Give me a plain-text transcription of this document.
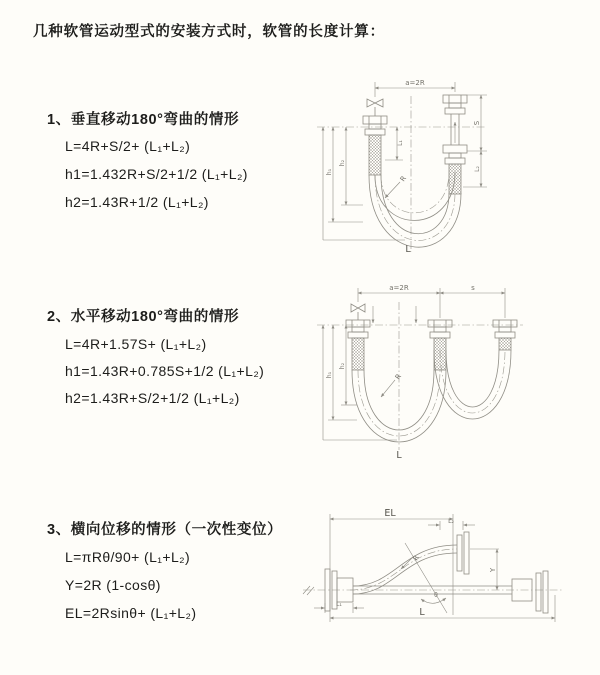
几种软管运动型式的安装方式时，软管的长度计算：
1、垂直移动180°弯曲的情形
L=4R+S/2+ (L₁+L₂)
h1=1.432R+S/2+1/2 (L₁+L₂)
h2=1.43R+1/2 (L₁+L₂)
2、水平移动180°弯曲的情形
L=4R+1.57S+ (L₁+L₂)
h1=1.43R+0.785S+1/2 (L₁+L₂)
h2=1.43R+S/2+1/2 (L₁+L₂)
3、横向位移的情形（一次性变位）
L=πRθ/90+ (L₁+L₂)
Y=2R (1-cosθ)
EL=2Rsinθ+ (L₁+L₂)
a=2R
L₁
S
L₂
h₁
h₂
R
L
a=2R	s
h₁
h₂
R
L
EL
L₂
Y
L₁
R
θ
L
